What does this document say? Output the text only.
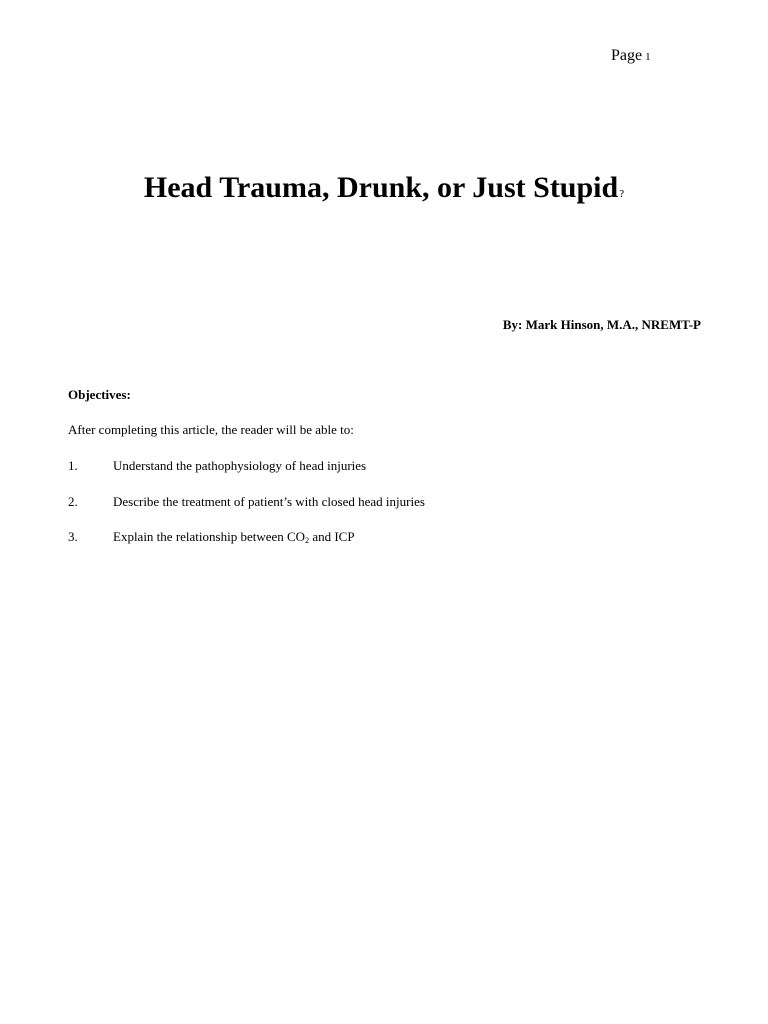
Page 1
Head Trauma, Drunk, or Just Stupid?
By: Mark Hinson, M.A., NREMT-P

Objectives:

After completing this article, the reader will be able to:

1.	Understand the pathophysiology of head injuries
2.	Describe the treatment of patient’s with closed head injuries
3.	Explain the relationship between $CO_2$ and ICP
